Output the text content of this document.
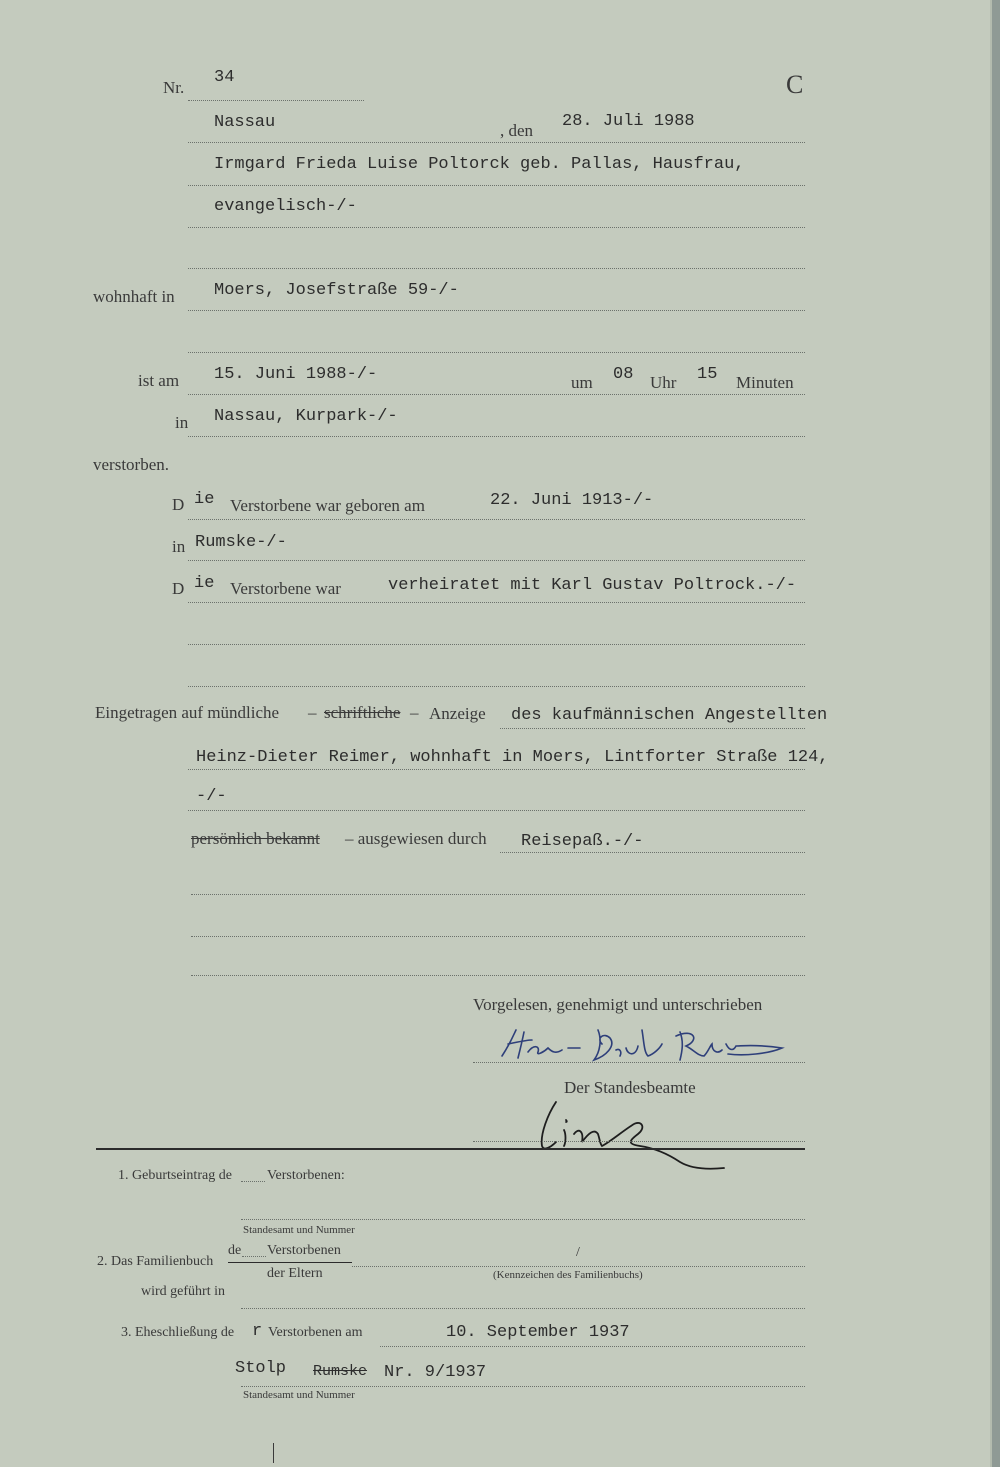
Nr.
34	C
Nassau	, den 28. Juli 1988
Irmgard Frieda Luise Poltorck geb. Pallas, Hausfrau,
evangelisch-/-
wohnhaft in Moers, Josefstraße 59-/-
ist am 15. Juni 1988-/-	um 08 Uhr 15 Minuten
in Nassau, Kurpark-/-
verstorben.
D ie Verstorbene war geboren am	22. Juni 1913-/-
in Rumske-/-
D ie Verstorbene war	verheiratet mit Karl Gustav Poltrock.-/-
Eingetragen auf mündliche – schriftliche – Anzeige des kaufmännischen Angestellten
Heinz-Dieter Reimer, wohnhaft in Moers, Lintforter Straße 124,
-/-
persönlich bekannt – ausgewiesen durch Reisepaß.-/-
Vorgelesen, genehmigt und unterschrieben
Der Standesbeamte
1. Geburtseintrag de	Verstorbenen:
Standesamt und Nummer
2. Das Familienbuch
de Verstorbenen
der Eltern
/
(Kennzeichen des Familienbuchs)
wird geführt in
3. Eheschließung de r Verstorbenen am	10. September 1937
Stolp Rumske Nr. 9/1937
Standesamt und Nummer
